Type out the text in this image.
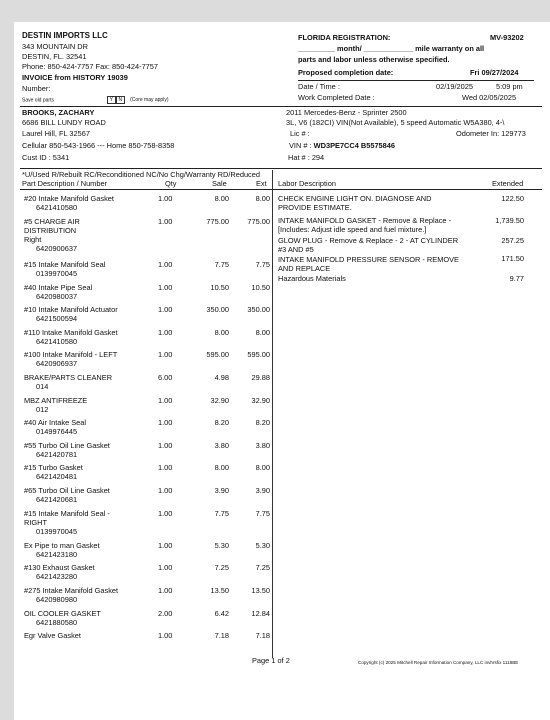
DESTIN IMPORTS LLC
343 MOUNTAIN DR
DESTIN, FL. 32541
Phone: 850-424-7757 Fax: 850-424-7757
INVOICE from HISTORY 19039
Number:
Save old parts	Y N (Core may apply)
FLORIDA REGISTRATION:	MV-93202
_________ month/ ____________ mile warranty on all
parts and labor unless otherwise specified.
Proposed completion date:	Fri 09/27/2024
Date / Time :	02/19/2025	5:09 pm
Work Completed Date :	Wed 02/05/2025
BROOKS, ZACHARY
6686 BILL LUNDY ROAD
Laurel Hill, FL 32567
Cellular 850-543-1966 --- Home 850-758-8358
Cust ID : 5341
2011 Mercedes-Benz - Sprinter 2500
3L, V6 (182CI) VIN(Not Available), 5 speed Automatic W5A380, 4-\
Lic # :	Odometer In: 129773
VIN # : WD3PE7CC4 B5575846
Hat # : 294
*U/Used R/Rebuilt RC/Reconditioned NC/No Chg/Warranty RD/Reduced
Part Description / Number	Qty	Sale	Ext Labor Description	Extended
#20 Intake Manifold Gasket
6421410580
1.00	8.00	8.00
#5 CHARGE AIR
DISTRIBUTION
Right
6420900637
1.00	775.00	775.00
#15 Intake Manifold Seal
0139970045
1.00	7.75	7.75
#40 Intake Pipe Seal
6420980037
1.00	10.50	10.50
#10 Intake Manifold Actuator
6421500594
1.00	350.00	350.00
#110 Intake Manifold Gasket
6421410580
1.00	8.00	8.00
#100 Intake Manifold - LEFT
6420906937
1.00	595.00	595.00
BRAKE/PARTS CLEANER
014
6.00	4.98	29.88
MBZ ANTIFREEZE
012
1.00	32.90	32.90
#40 Air Intake Seal
0149976445
1.00	8.20	8.20
#55 Turbo Oil Line Gasket
6421420781
1.00	3.80	3.80
#15 Turbo Gasket
6421420481
1.00	8.00	8.00
#65 Turbo Oil Line Gasket
6421420681
1.00	3.90	3.90
#15 Intake Manifold Seal -
RIGHT
0139970045
1.00	7.75	7.75
Ex Pipe to man Gasket
6421423180
1.00	5.30	5.30
#130 Exhaust Gasket
6421423280
1.00	7.25	7.25
#275 Intake Manifold Gasket
6420980980
1.00	13.50	13.50
OIL COOLER GASKET
6421880580
2.00	6.42	12.84
Egr Valve Gasket	1.00	7.18	7.18
CHECK ENGINE LIGHT ON. DIAGNOSE AND
PROVIDE ESTIMATE.
122.50
INTAKE MANIFOLD GASKET - Remove & Replace -
[Includes: Adjust idle speed and fuel mixture.]
1,739.50
GLOW PLUG - Remove & Replace - 2 - AT CYLINDER
#3 AND #5
257.25
INTAKE MANIFOLD PRESSURE SENSOR - REMOVE
AND REPLACE
171.50
Hazardous Materials	9.77
Page 1 of 2	Copyright (c) 2025 Mitchell Repair Information Company, LLC invhrsfix 1118BE
